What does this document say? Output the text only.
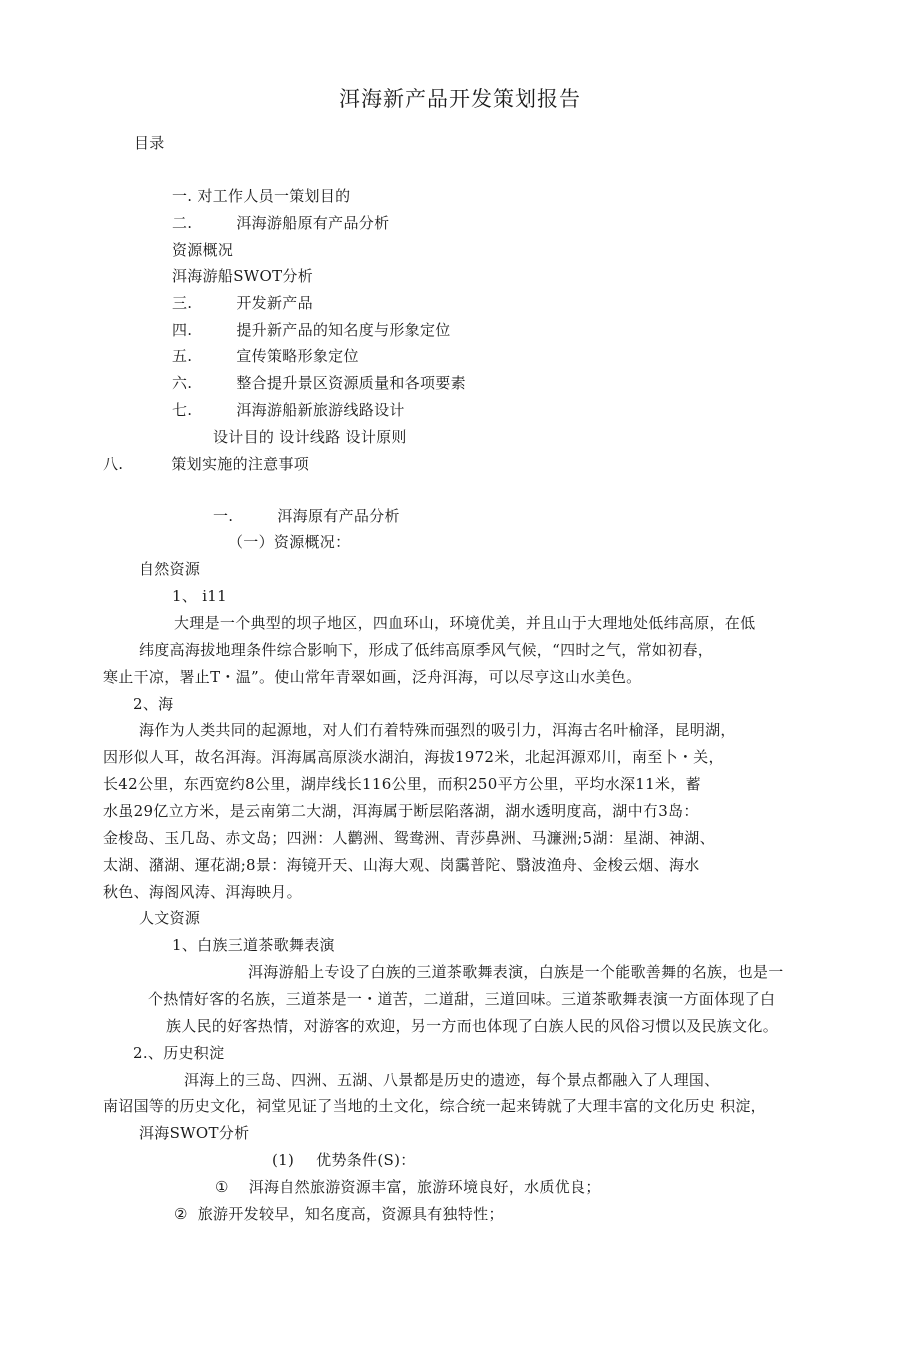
洱海新产品开发策划报告
目录
一. 对工作人员一策划目的
二.	洱海游船原有产品分析
资源概况
洱海游船SWOT分析
三.	开发新产品
四.	提升新产品的知名度与形象定位
五.	宣传策略形象定位
六.	整合提升景区资源质量和各项要素
七.	洱海游船新旅游线路设计
设计目的 设计线路 设计原则
八.	策划实施的注意事项
一.	洱海原有产品分析
（一）资源概况：
自然资源
1、 i11
大理是一个典型的坝子地区，四血环山，环境优美，并且山于大理地处低纬高原，在低
纬度高海拔地理条件综合影响下，形成了低纬高原季风气候，“四时之气，常如初春，
寒止干凉，署止T・温”。使山常年青翠如画，泛舟洱海，可以尽亨这山水美色。
2、海
海作为人类共同的起源地，对人们冇着特殊而强烈的吸引力，洱海古名叶榆泽，昆明湖，
因形似人耳，故名洱海。洱海属高原淡水湖泊，海拔1972米，北起洱源邓川，南至卜・关，
长42公里，东西宽约8公里，湖岸线长116公里，而积250平方公里，平均水深11米，蓄
水虽29亿立方米，是云南第二大湖，洱海属于断层陷落湖，湖水透明度高，湖中冇3岛：
金梭岛、玉几岛、赤文岛；四洲：人鹳洲、鸳鸯洲、青莎鼻洲、马濂洲;5湖：星湖、神湖、
太湖、潴湖、運花湖;8景：海镜开天、山海大观、岗靄普陀、翳波渔舟、金梭云烟、海水
秋色、海阁风涛、洱海映月。
人文资源
1、白族三道茶歌舞表演
洱海游船上专设了白族的三道茶歌舞表演，白族是一个能歌善舞的名族，也是一
个热情好客的名族，三道茶是一・道苦，二道甜，三道回味。三道茶歌舞表演一方面体现了白
族人民的好客热情，对游客的欢迎，另一方而也体现了白族人民的风俗习惯以及民族文化。
2.、历史积淀
洱海上的三岛、四洲、五湖、八景都是历史的遗迹，每个景点都融入了人理国、
南诏国等的历史文化，祠堂见证了当地的土文化，综合统一起来铸就了大理丰富的文化历史 积淀，
洱海SWOT分析
(1) 优势条件(S)：
① 洱海自然旅游资源丰富，旅游环境良好，水质优良；
② 旅游开发较早，知名度高，资源具有独特性；
